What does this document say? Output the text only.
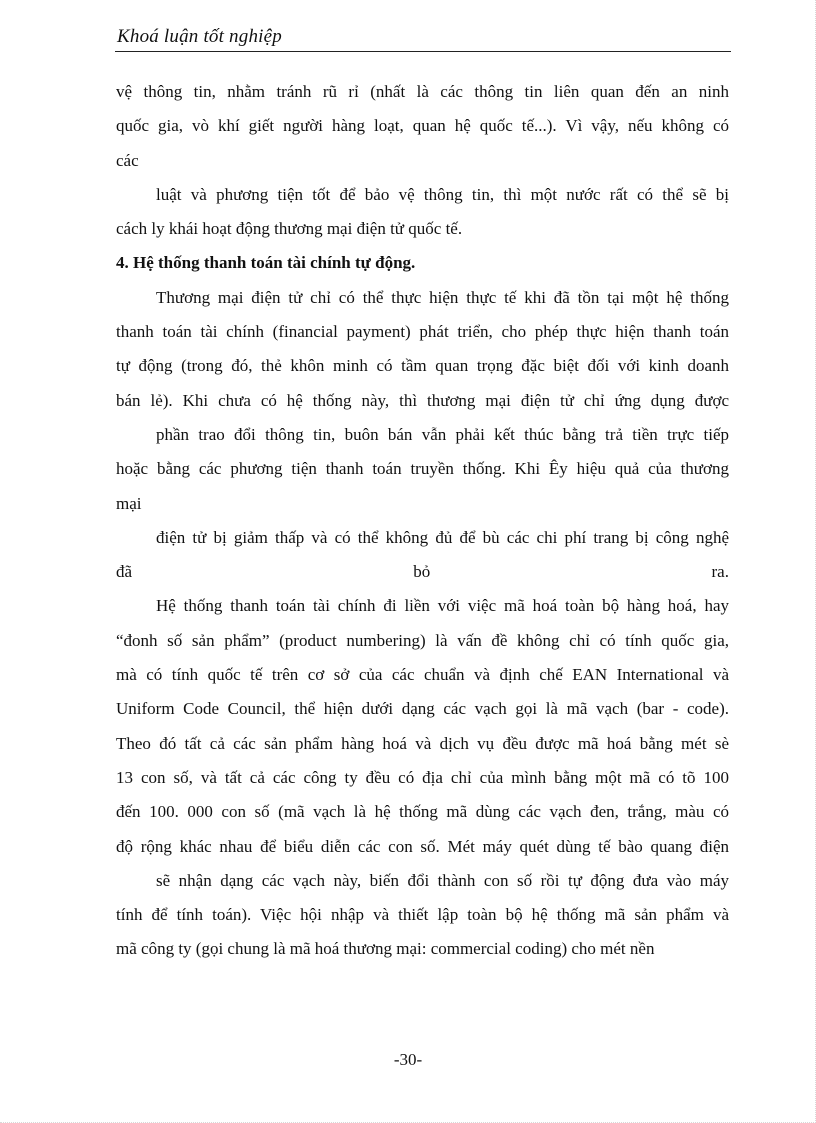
Khoá luận tốt nghiệp
vệ thông tin, nhằm tránh rũ rỉ (nhất là các thông tin liên quan đến an ninh
quốc gia, vò khí giết người hàng loạt, quan hệ quốc tế...). Vì vậy, nếu không có
các
luật và phương tiện tốt để bảo vệ thông tin, thì một nước rất có thể sẽ bị
cách ly khái hoạt động thương mại điện tử quốc tế.
4. Hệ thống thanh toán tài chính tự động.
Thương mại điện tử chỉ có thể thực hiện thực tế khi đã tồn tại một hệ thống
thanh toán tài chính (financial payment) phát triển, cho phép thực hiện thanh toán
tự động (trong đó, thẻ khôn minh có tầm quan trọng đặc biệt đối với kinh doanh
bán lẻ). Khi chưa có hệ thống này, thì thương mại điện tử chỉ ứng dụng được
phần trao đổi thông tin, buôn bán vẫn phải kết thúc bằng trả tiền trực tiếp
hoặc bằng các phương tiện thanh toán truyền thống. Khi Êy hiệu quả của thương
mại
điện tử bị giảm thấp và có thể không đủ để bù các chi phí trang bị công nghệ
đã	bỏ	ra.
Hệ thống thanh toán tài chính đi liền với việc mã hoá toàn bộ hàng hoá, hay
“đonh số sản phẩm” (product numbering) là vấn đề không chỉ có tính quốc gia,
mà có tính quốc tế trên cơ sở của các chuẩn và định chế EAN International và
Uniform Code Council, thể hiện dưới dạng các vạch gọi là mã vạch (bar - code).
Theo đó tất cả các sản phẩm hàng hoá và dịch vụ đều được mã hoá bằng mét sè
13 con số, và tất cả các công ty đều có địa chỉ của mình bằng một mã có tõ 100
đến 100. 000 con số (mã vạch là hệ thống mã dùng các vạch đen, trắng, màu có
độ rộng khác nhau để biểu diễn các con số. Mét máy quét dùng tế bào quang điện
sẽ nhận dạng các vạch này, biến đổi thành con số rồi tự động đưa vào máy
tính để tính toán). Việc hội nhập và thiết lập toàn bộ hệ thống mã sản phẩm và
mã công ty (gọi chung là mã hoá thương mại: commercial coding) cho mét nền
-30-
